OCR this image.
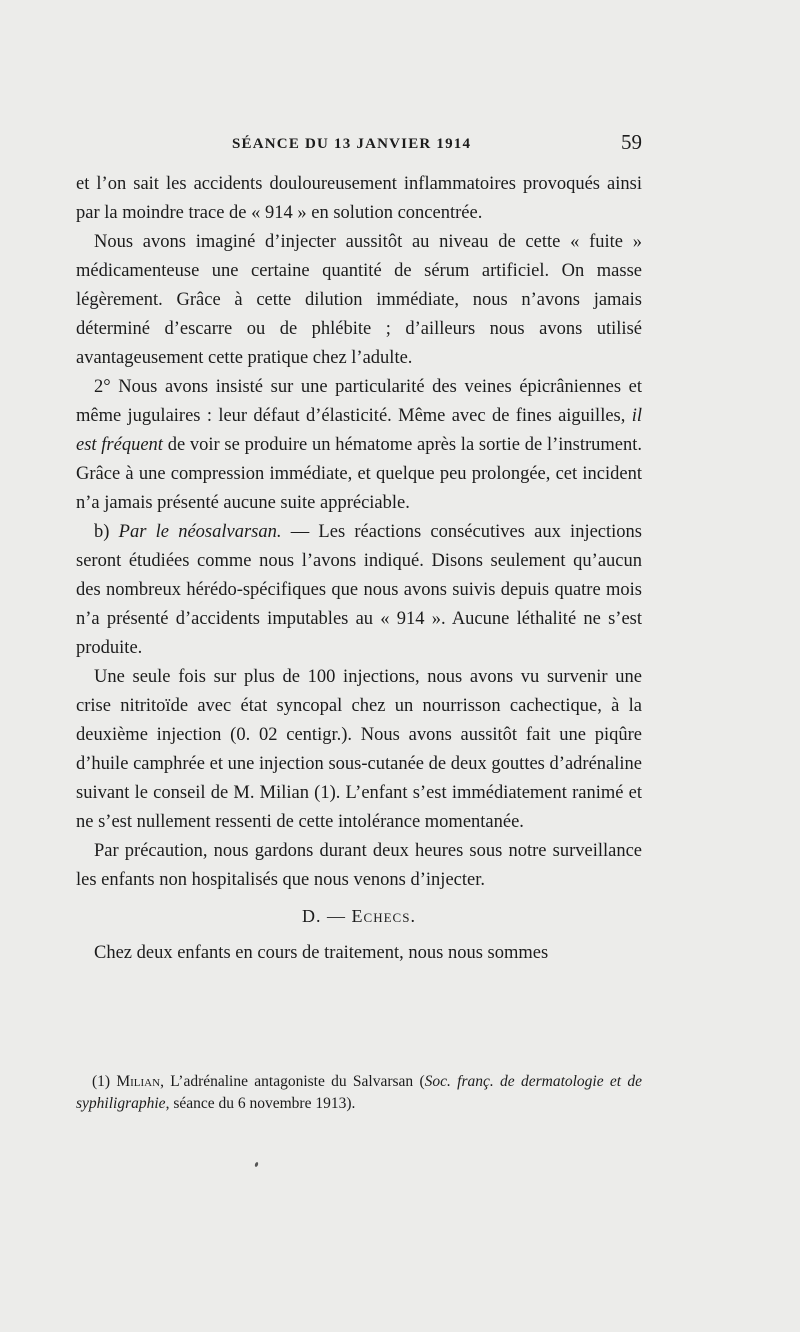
SÉANCE DU 13 JANVIER 1914	59

et l’on sait les accidents douloureusement inflammatoires provoqués ainsi par la moindre trace de « 914 » en solution concentrée.

Nous avons imaginé d’injecter aussitôt au niveau de cette « fuite » médicamenteuse une certaine quantité de sérum artificiel. On masse légèrement. Grâce à cette dilution immédiate, nous n’avons jamais déterminé d’escarre ou de phlébite ; d’ailleurs nous avons utilisé avantageusement cette pratique chez l’adulte.

2° Nous avons insisté sur une particularité des veines épicrâniennes et même jugulaires : leur défaut d’élasticité. Même avec de fines aiguilles, il est fréquent de voir se produire un hématome après la sortie de l’instrument. Grâce à une compression immédiate, et quelque peu prolongée, cet incident n’a jamais présenté aucune suite appréciable.

b) Par le néosalvarsan. — Les réactions consécutives aux injections seront étudiées comme nous l’avons indiqué. Disons seulement qu’aucun des nombreux hérédo-spécifiques que nous avons suivis depuis quatre mois n’a présenté d’accidents imputables au « 914 ». Aucune léthalité ne s’est produite.

Une seule fois sur plus de 100 injections, nous avons vu survenir une crise nitritoïde avec état syncopal chez un nourrisson cachectique, à la deuxième injection (0. 02 centigr.). Nous avons aussitôt fait une piqûre d’huile camphrée et une injection sous-cutanée de deux gouttes d’adrénaline suivant le conseil de M. Milian (1). L’enfant s’est immédiatement ranimé et ne s’est nullement ressenti de cette intolérance momentanée.

Par précaution, nous gardons durant deux heures sous notre surveillance les enfants non hospitalisés que nous venons d’injecter.

D. — Echecs.

Chez deux enfants en cours de traitement, nous nous sommes

(1) Milian, L’adrénaline antagoniste du Salvarsan (Soc. franç. de dermatologie et de syphiligraphie, séance du 6 novembre 1913).
